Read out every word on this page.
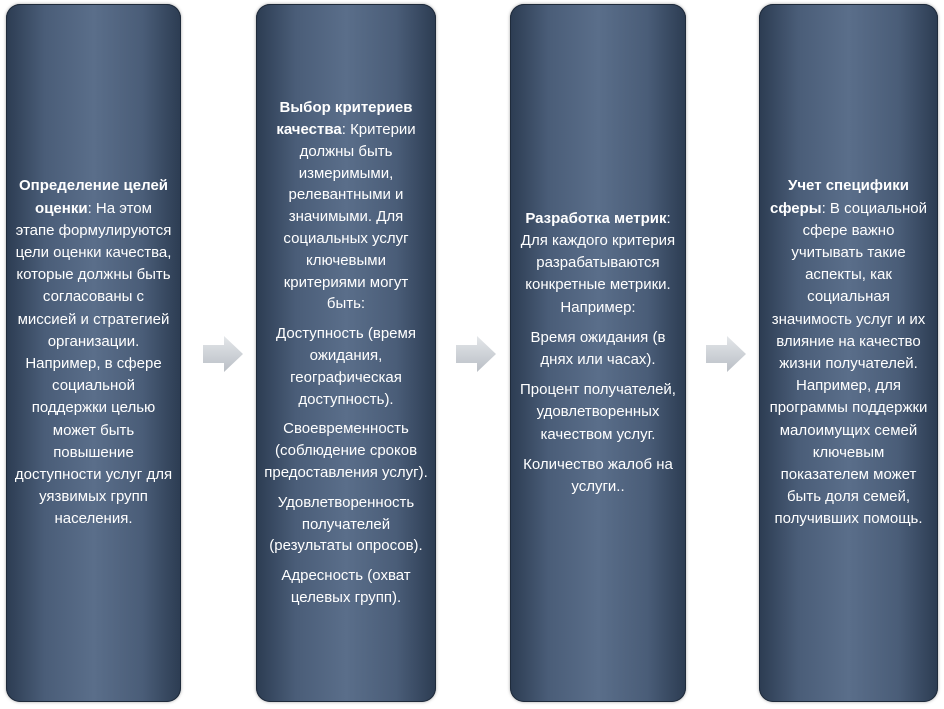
Определение целей оценки: На этом этапе формулируются цели оценки качества, которые должны быть согласованы с миссией и стратегией организации. Например, в сфере социальной поддержки целью может быть повышение доступности услуг для уязвимых групп населения.
Выбор критериев качества: Критерии должны быть измеримыми, релевантными и значимыми. Для социальных услуг ключевыми критериями могут быть:
Доступность (время ожидания, географическая доступность).
Своевременность (соблюдение сроков предоставления услуг).
Удовлетворенность получателей (результаты опросов).
Адресность (охват целевых групп).
Разработка метрик: Для каждого критерия разрабатываются конкретные метрики. Например:
Время ожидания (в днях или часах).
Процент получателей, удовлетворенных качеством услуг.
Количество жалоб на услуги..
Учет специфики сферы: В социальной сфере важно учитывать такие аспекты, как социальная значимость услуг и их влияние на качество жизни получателей. Например, для программы поддержки малоимущих семей ключевым показателем может быть доля семей, получивших помощь.
